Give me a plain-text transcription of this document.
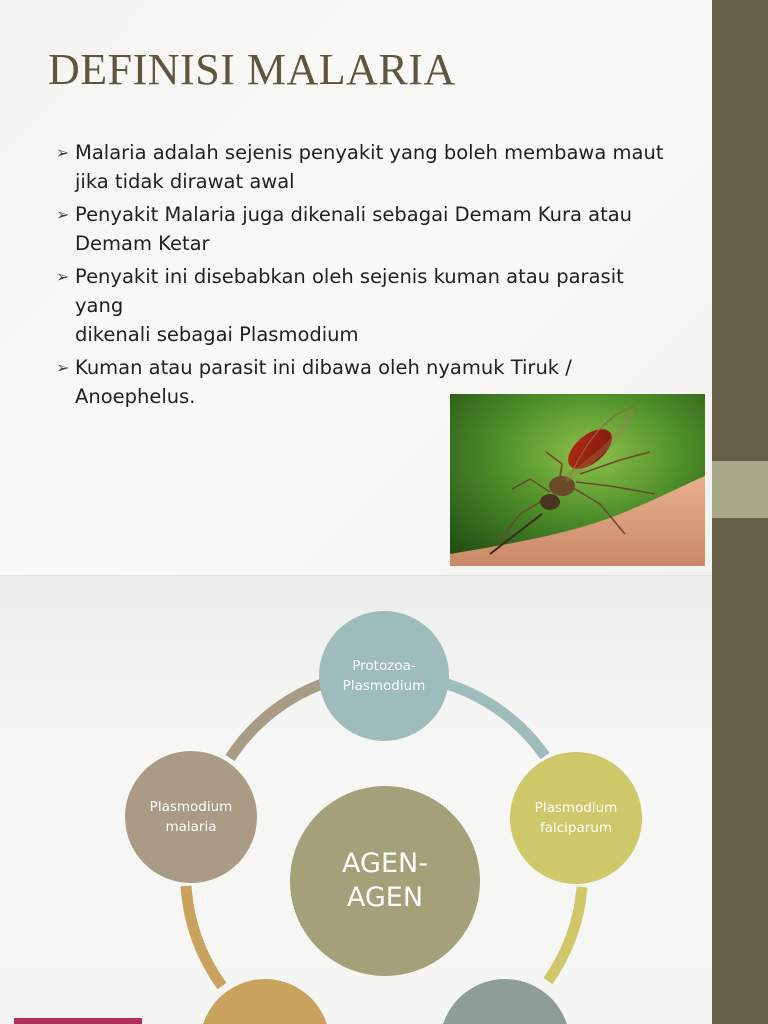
DEFINISI MALARIA
➢ Malaria adalah sejenis penyakit yang boleh membawa maut
jika tidak dirawat awal
➢ Penyakit Malaria juga dikenali sebagai Demam Kura atau
Demam Ketar
➢ Penyakit ini disebabkan oleh sejenis kuman atau parasit yang
dikenali sebagai Plasmodium
➢ Kuman atau parasit ini dibawa oleh nyamuk Tiruk /
Anoephelus.
Protozoa-
Plasmodium
Plasmodium
falciparum
Plasmodium
malaria
AGEN-
AGEN
